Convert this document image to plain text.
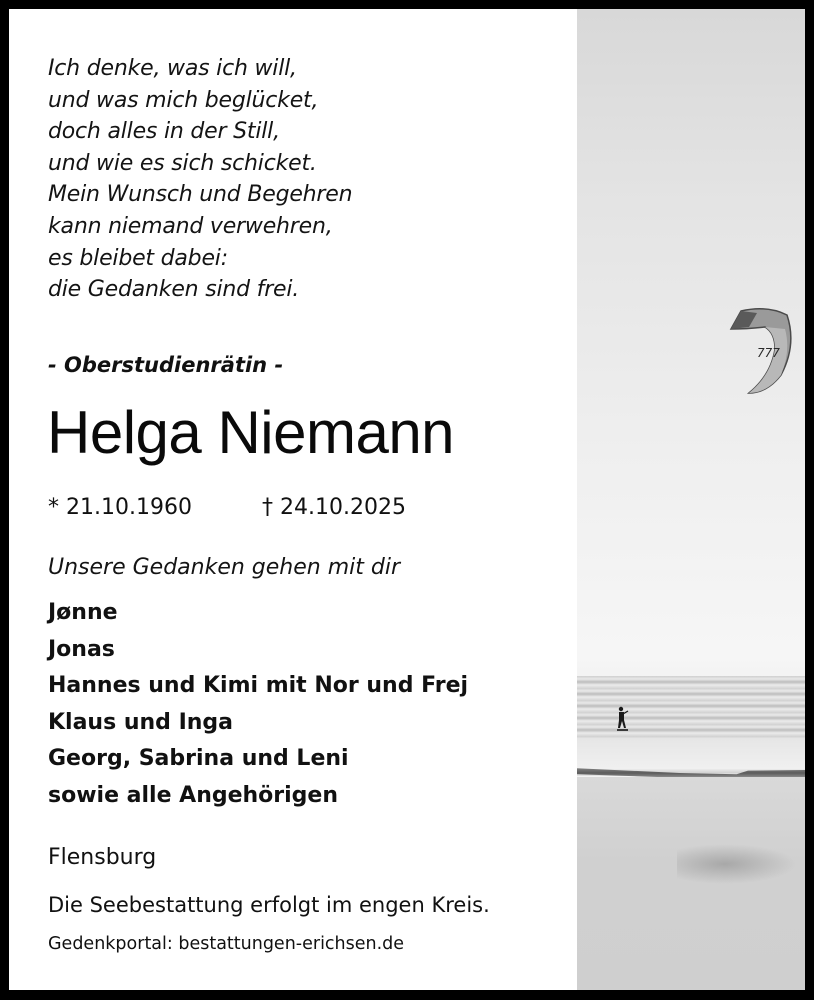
Ich denke, was ich will,
und was mich beglücket,
doch alles in der Still,
und wie es sich schicket.
Mein Wunsch und Begehren
kann niemand verwehren,
es bleibet dabei:
die Gedanken sind frei.
- Oberstudienrätin -
Helga Niemann
* 21.10.1960	† 24.10.2025
Unsere Gedanken gehen mit dir
Jønne
Jonas
Hannes und Kimi mit Nor und Frej
Klaus und Inga
Georg, Sabrina und Leni
sowie alle Angehörigen
Flensburg
Die Seebestattung erfolgt im engen Kreis.
Gedenkportal: bestattungen-erichsen.de
777
